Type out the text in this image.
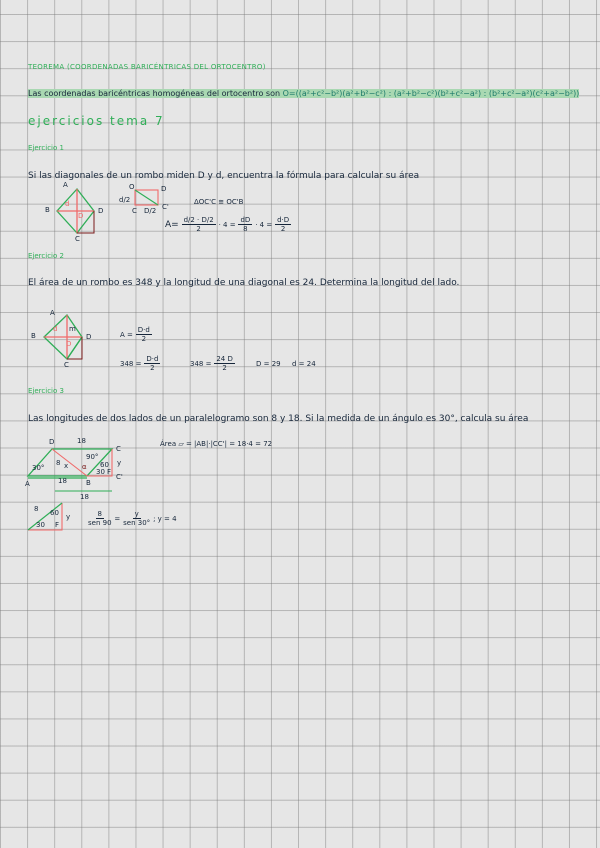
TEOREMA (COORDENADAS BARICÉNTRICAS DEL ORTOCENTRO)
Las coordenadas baricéntricas homogéneas del ortocentro son O=((a²+c²−b²)(a²+b²−c²) : (a²+b²−c²)(b²+c²−a²) : (b²+c²−a²)(c²+a²−b²))
ejercicios tema 7
Ejercicio 1
Si las diagonales de un rombo miden D y d, encuentra la fórmula para calcular su área
A
B	D
C
d
D
O	D
d/2
C D/2 C'
ΔOC'C ≅ OC'B
$A= \frac{d/2 \cdot D/2}{2} \cdot 4 = \frac{dD}{8} \cdot 4 = \frac{d\cdot D}{2}$
Ejercicio 2
El área de un rombo es 348 y la longitud de una diagonal es 24. Determina la longitud del lado.
A
B	D
C
d m
D
$A = \frac{D\cdot d}{2}$
$348 = \frac{D\cdot d}{2}$	$348 = \frac{24 D}{2}$	D = 29 d = 24
Ejercicio 3
Las longitudes de dos lados de un paralelogramo son 8 y 18. Si la medida de un ángulo es 30°, calcula su área
D	18
C
y
C'
A	18	B
18
30°
8 x
90°
60
30 F
α
Área ▱ = |AB|·|CC'| = 18·4 = 72
8 60
30 F
y	$\frac{8}{\text{sen 90}} = \frac{y}{\text{sen 30°}}$ ; y = 4
